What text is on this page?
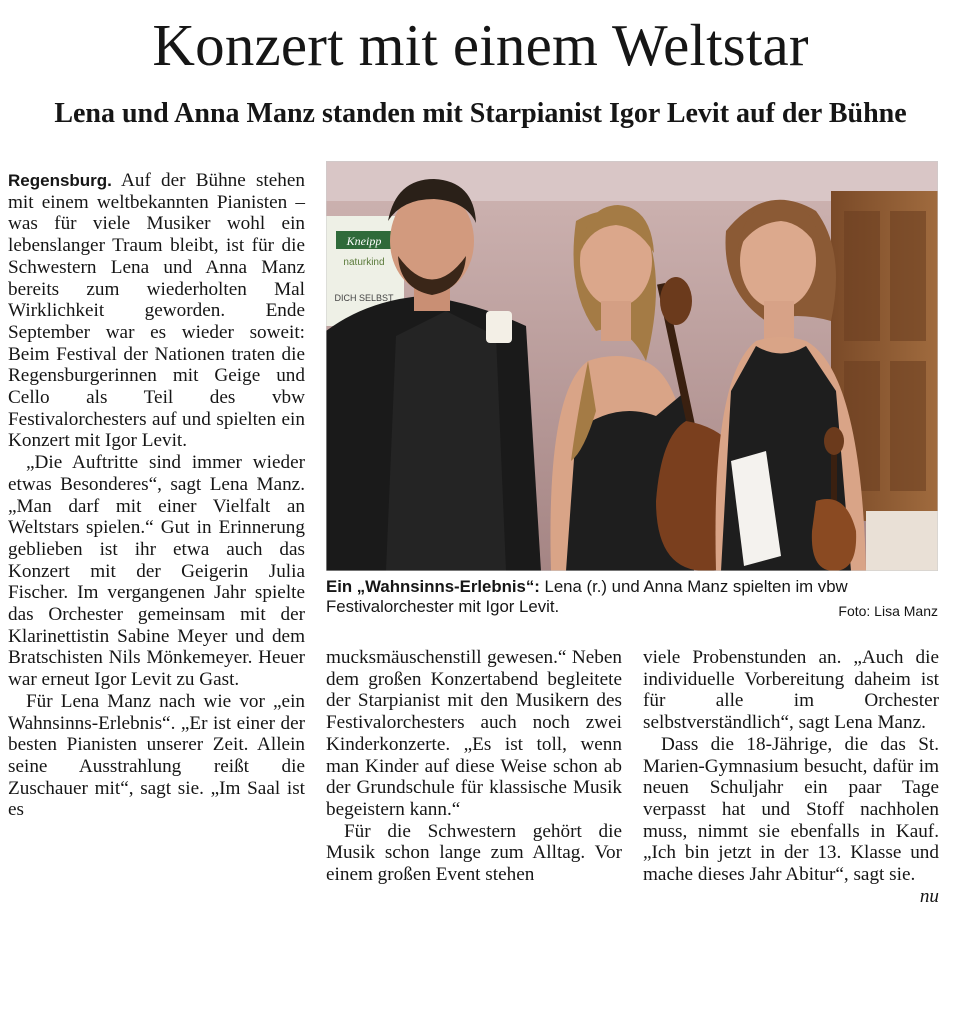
Konzert mit einem Weltstar
Lena und Anna Manz standen mit Starpianist Igor Levit auf der Bühne

Regensburg. Auf der Bühne stehen mit einem weltbekannten Pianisten – was für viele Musiker wohl ein lebenslanger Traum bleibt, ist für die Schwestern Lena und Anna Manz bereits zum wiederholten Mal Wirklichkeit geworden. Ende September war es wieder soweit: Beim Festival der Nationen traten die Regensburgerinnen mit Geige und Cello als Teil des vbw Festivalorchesters auf und spielten ein Konzert mit Igor Levit.

„Die Auftritte sind immer wieder etwas Besonderes“, sagt Lena Manz. „Man darf mit einer Vielfalt an Weltstars spielen.“ Gut in Erinnerung geblieben ist ihr etwa auch das Konzert mit der Geigerin Julia Fischer. Im vergangenen Jahr spielte das Orchester gemeinsam mit der Klarinettistin Sabine Meyer und dem Bratschisten Nils Mönkemeyer. Heuer war erneut Igor Levit zu Gast.

Für Lena Manz nach wie vor „ein Wahnsinns-Erlebnis“. „Er ist einer der besten Pianisten unserer Zeit. Allein seine Ausstrahlung reißt die Zuschauer mit“, sagt sie. „Im Saal ist es

Kneipp
naturkind
DICH SELBST
Ein „Wahnsinns-Erlebnis“: Lena (r.) und Anna Manz spielten im vbw Festivalorchester mit Igor Levit.	Foto: Lisa Manz

mucksmäuschenstill gewesen.“ Neben dem großen Konzertabend begleitete der Starpianist mit den Musikern des Festivalorchesters auch noch zwei Kinderkonzerte. „Es ist toll, wenn man Kinder auf diese Weise schon ab der Grundschule für klassische Musik begeistern kann.“

Für die Schwestern gehört die Musik schon lange zum Alltag. Vor einem großen Event stehen

viele Probenstunden an. „Auch die individuelle Vorbereitung daheim ist für alle im Orchester selbstverständlich“, sagt Lena Manz.

Dass die 18-Jährige, die das St. Marien-Gymnasium besucht, dafür im neuen Schuljahr ein paar Tage verpasst hat und Stoff nachholen muss, nimmt sie ebenfalls in Kauf. „Ich bin jetzt in der 13. Klasse und mache dieses Jahr Abitur“, sagt sie.
nu
